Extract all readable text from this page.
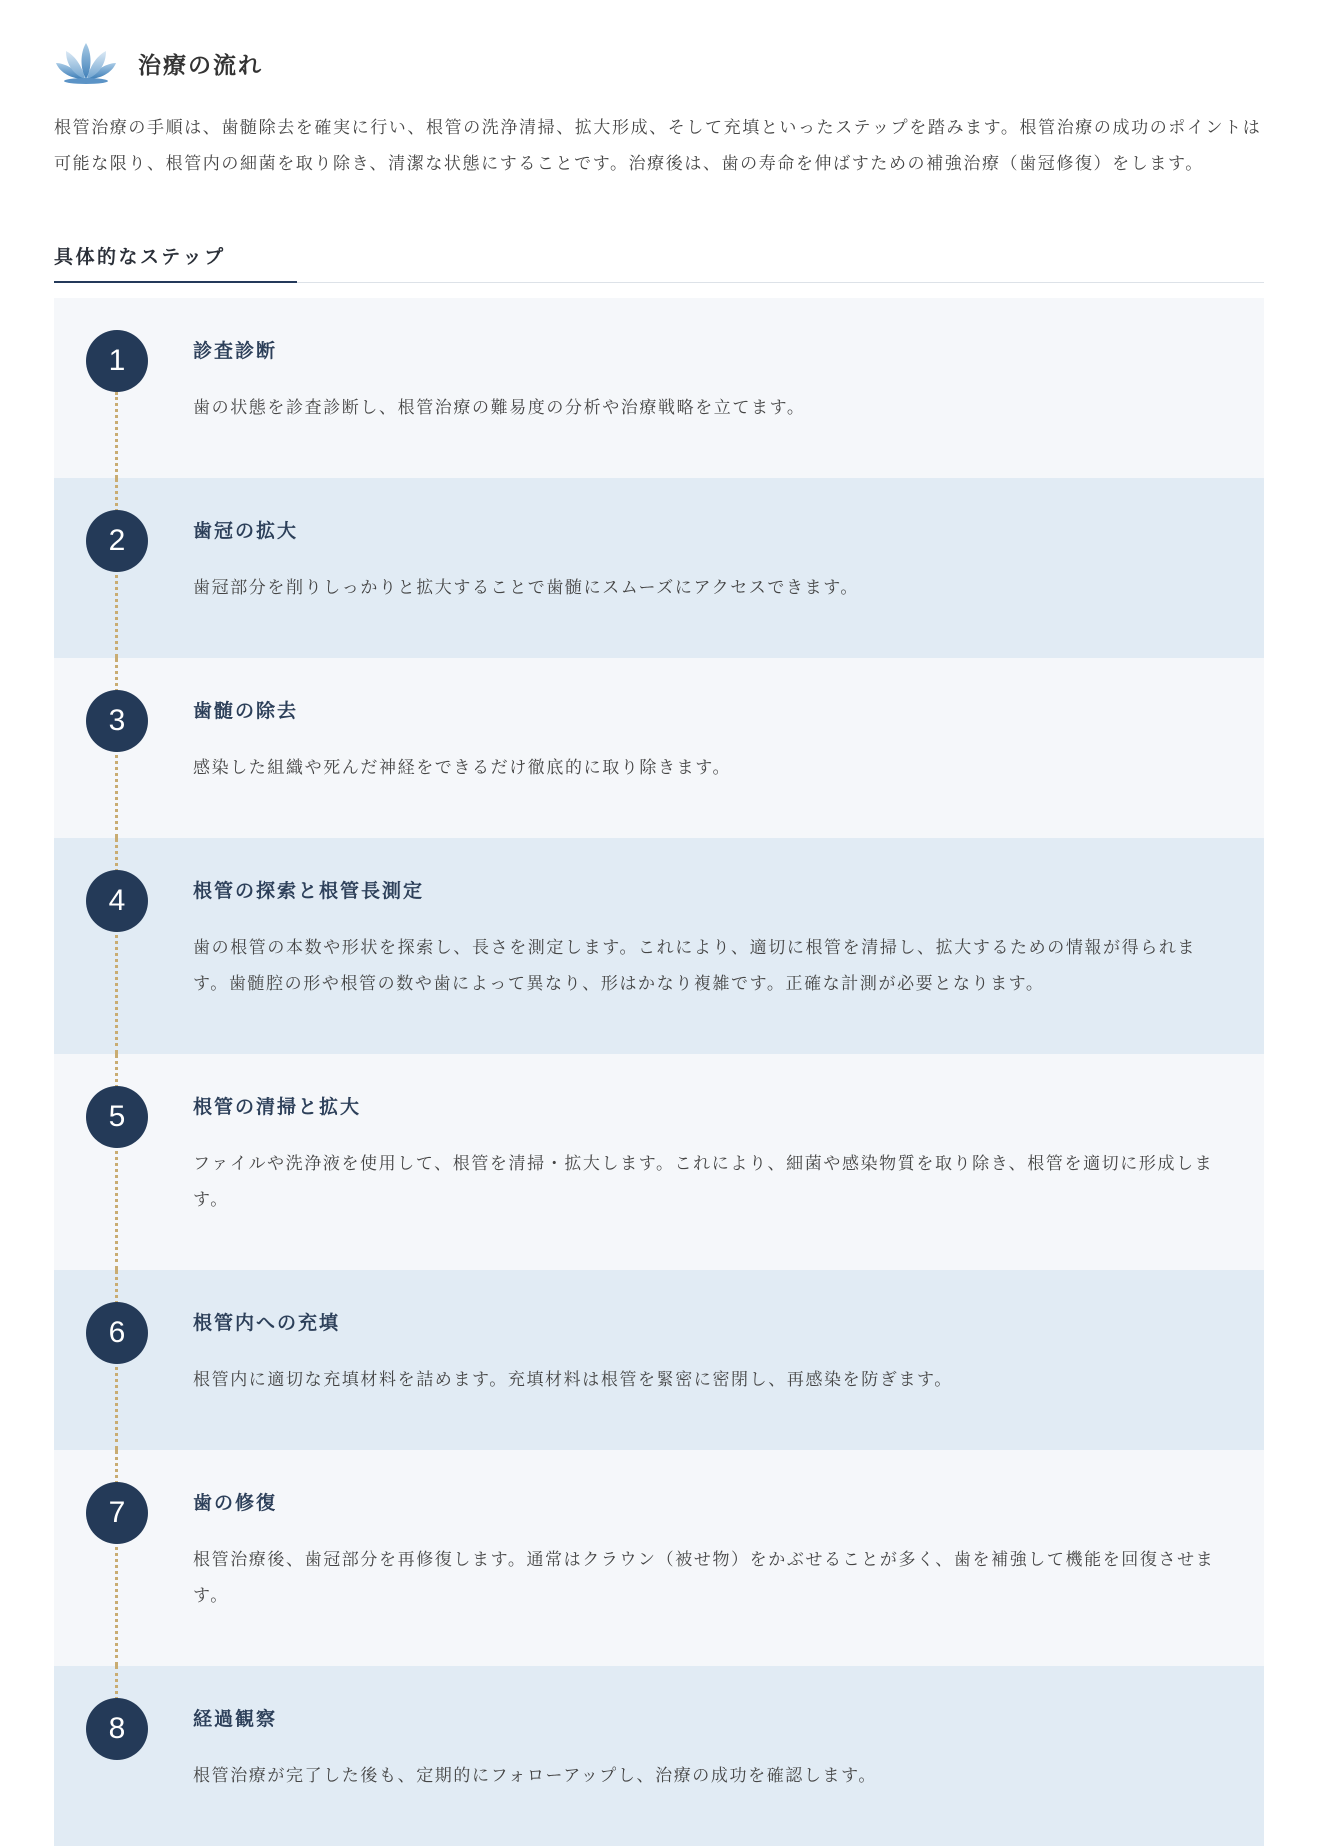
治療の流れ

根管治療の手順は、歯髄除去を確実に行い、根管の洗浄清掃、拡大形成、そして充填といったステップを踏みます。根管治療の成功のポイントは可能な限り、根管内の細菌を取り除き、清潔な状態にすることです。治療後は、歯の寿命を伸ばすための補強治療（歯冠修復）をします。

具体的なステップ
1	診査診断
歯の状態を診査診断し、根管治療の難易度の分析や治療戦略を立てます。
2	歯冠の拡大
歯冠部分を削りしっかりと拡大することで歯髄にスムーズにアクセスできます。
3	歯髄の除去
感染した組織や死んだ神経をできるだけ徹底的に取り除きます。
4	根管の探索と根管長測定
歯の根管の本数や形状を探索し、長さを測定します。これにより、適切に根管を清掃し、拡大するための情報が得られます。歯髄腔の形や根管の数や歯によって異なり、形はかなり複雑です。正確な計測が必要となります。
5	根管の清掃と拡大
ファイルや洗浄液を使用して、根管を清掃・拡大します。これにより、細菌や感染物質を取り除き、根管を適切に形成します。
6	根管内への充填
根管内に適切な充填材料を詰めます。充填材料は根管を緊密に密閉し、再感染を防ぎます。
7	歯の修復
根管治療後、歯冠部分を再修復します。通常はクラウン（被せ物）をかぶせることが多く、歯を補強して機能を回復させます。
8	経過観察
根管治療が完了した後も、定期的にフォローアップし、治療の成功を確認します。
